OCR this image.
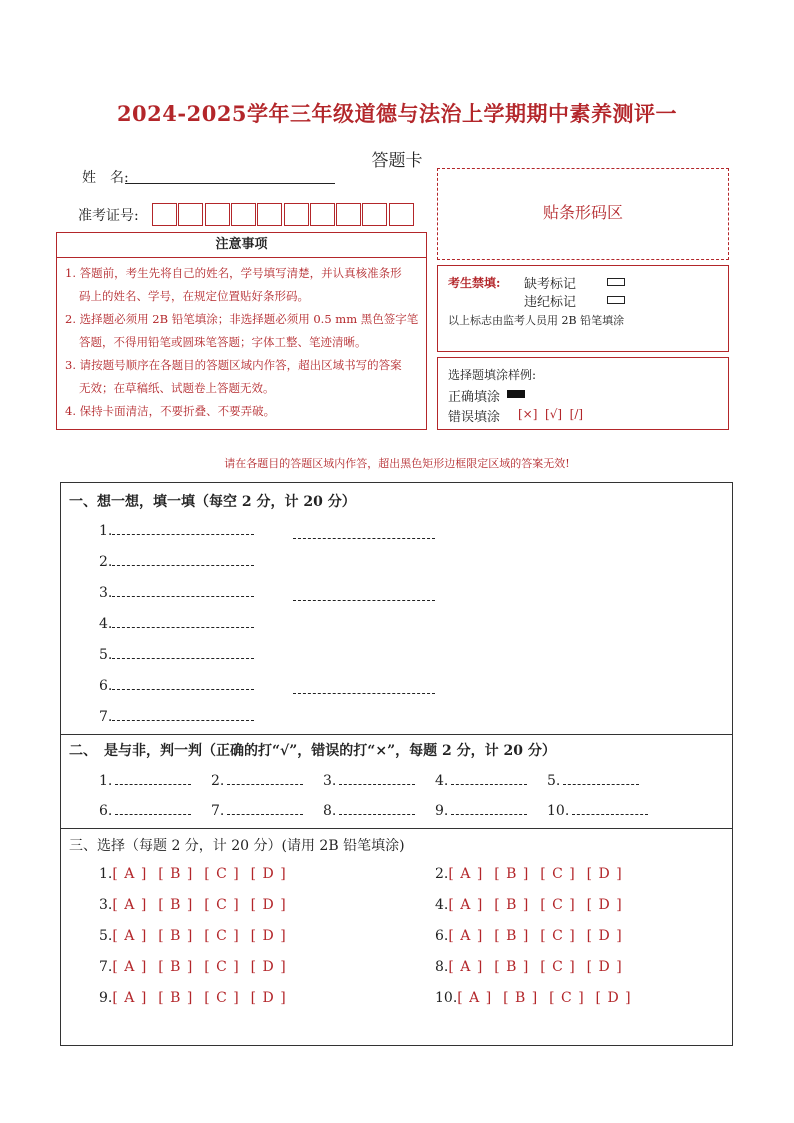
2024-2025学年三年级道德与法治上学期期中素养测评一
答题卡
姓　名:
准考证号:
注意事项
1. 答题前，考生先将自己的姓名，学号填写清楚，并认真核准条形
码上的姓名、学号，在规定位置贴好条形码。
2. 选择题必须用 2B 铅笔填涂；非选择题必须用 0.5 mm 黑色签字笔
答题，不得用铅笔或圆珠笔答题；字体工整、笔迹清晰。
3. 请按题号顺序在各题目的答题区域内作答，超出区域书写的答案
无效；在草稿纸、试题卷上答题无效。
4. 保持卡面清洁，不要折叠、不要弄破。
贴条形码区
考生禁填: 缺考标记
违纪标记
以上标志由监考人员用 2B 铅笔填涂
选择题填涂样例:
正确填涂
错误填涂 [×]  [√]  [/]
请在各题目的答题区域内作答，超出黑色矩形边框限定区域的答案无效!
一、想一想，填一填（每空 2 分，计 20 分）
1.
2.
3.
4.
5.
6.
7.
二、　是与非，判一判（正确的打“√”，错误的打“×”，每题 2 分，计 20 分）
1.	2.	3.	4.	5.
6.	7.	8.	9.	10.
三、选择（每题 2 分，计 20 分）(请用 2B 铅笔填涂)
1.[ A ]  [ B ]  [ C ]  [ D ]	2.[ A ]  [ B ]  [ C ]  [ D ]
3.[ A ]  [ B ]  [ C ]  [ D ]	4.[ A ]  [ B ]  [ C ]  [ D ]
5.[ A ]  [ B ]  [ C ]  [ D ]	6.[ A ]  [ B ]  [ C ]  [ D ]
7.[ A ]  [ B ]  [ C ]  [ D ]	8.[ A ]  [ B ]  [ C ]  [ D ]
9.[ A ]  [ B ]  [ C ]  [ D ]	10.[ A ]  [ B ]  [ C ]  [ D ]
